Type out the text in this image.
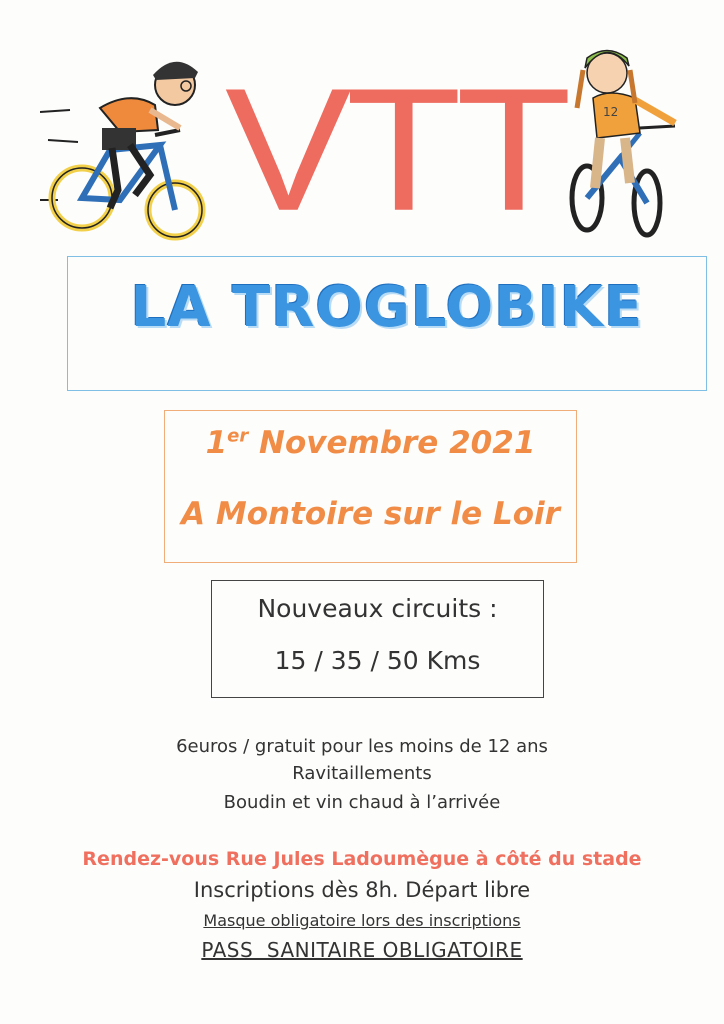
12
VTT
LA TROGLOBIKE
1er Novembre 2021
A Montoire sur le Loir
Nouveaux circuits :
15 / 35 / 50 Kms
6euros / gratuit pour les moins de 12 ans
Ravitaillements
Boudin et vin chaud à l’arrivée
Rendez-vous Rue Jules Ladoumègue à côté du stade
Inscriptions dès 8h. Départ libre
Masque obligatoire lors des inscriptions
PASS  SANITAIRE OBLIGATOIRE
